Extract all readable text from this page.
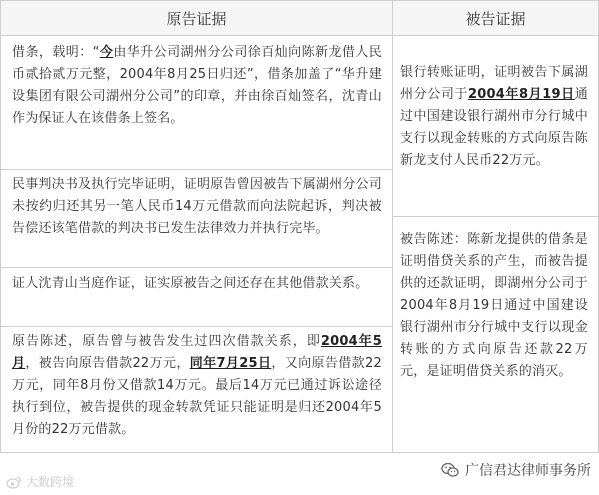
原告证据	被告证据
借条，载明：“今由华升公司湖州分公司徐百灿向陈新龙借人民币贰拾贰万元整，2004年8月25日归还”，借条加盖了“华升建设集团有限公司湖州分公司”的印章，并由徐百灿签名，沈青山作为保证人在该借条上签名。
民事判决书及执行完毕证明，证明原告曾因被告下属湖州分公司未按约归还其另一笔人民币14万元借款而向法院起诉，判决被告偿还该笔借款的判决书已发生法律效力并执行完毕。
证人沈青山当庭作证，证实原被告之间还存在其他借款关系。
原告陈述，原告曾与被告发生过四次借款关系，即2004年5月，被告向原告借款22万元，同年7月25日，又向原告借款22万元，同年8月份又借款14万元。最后14万元已通过诉讼途径执行到位，被告提供的现金转款凭证只能证明是归还2004年5月份的22万元借款。
银行转账证明，证明被告下属湖州分公司于2004年8月19日通过中国建设银行湖州市分行城中支行以现金转账的方式向原告陈新龙支付人民币22万元。
被告陈述：陈新龙提供的借条是证明借贷关系的产生，而被告提供的还款证明，即湖州分公司于2004年8月19日通过中国建设银行湖州市分行城中支行以现金转账的方式向原告还款22万元，是证明借贷关系的消灭。
大数跨境
广信君达律师事务所
